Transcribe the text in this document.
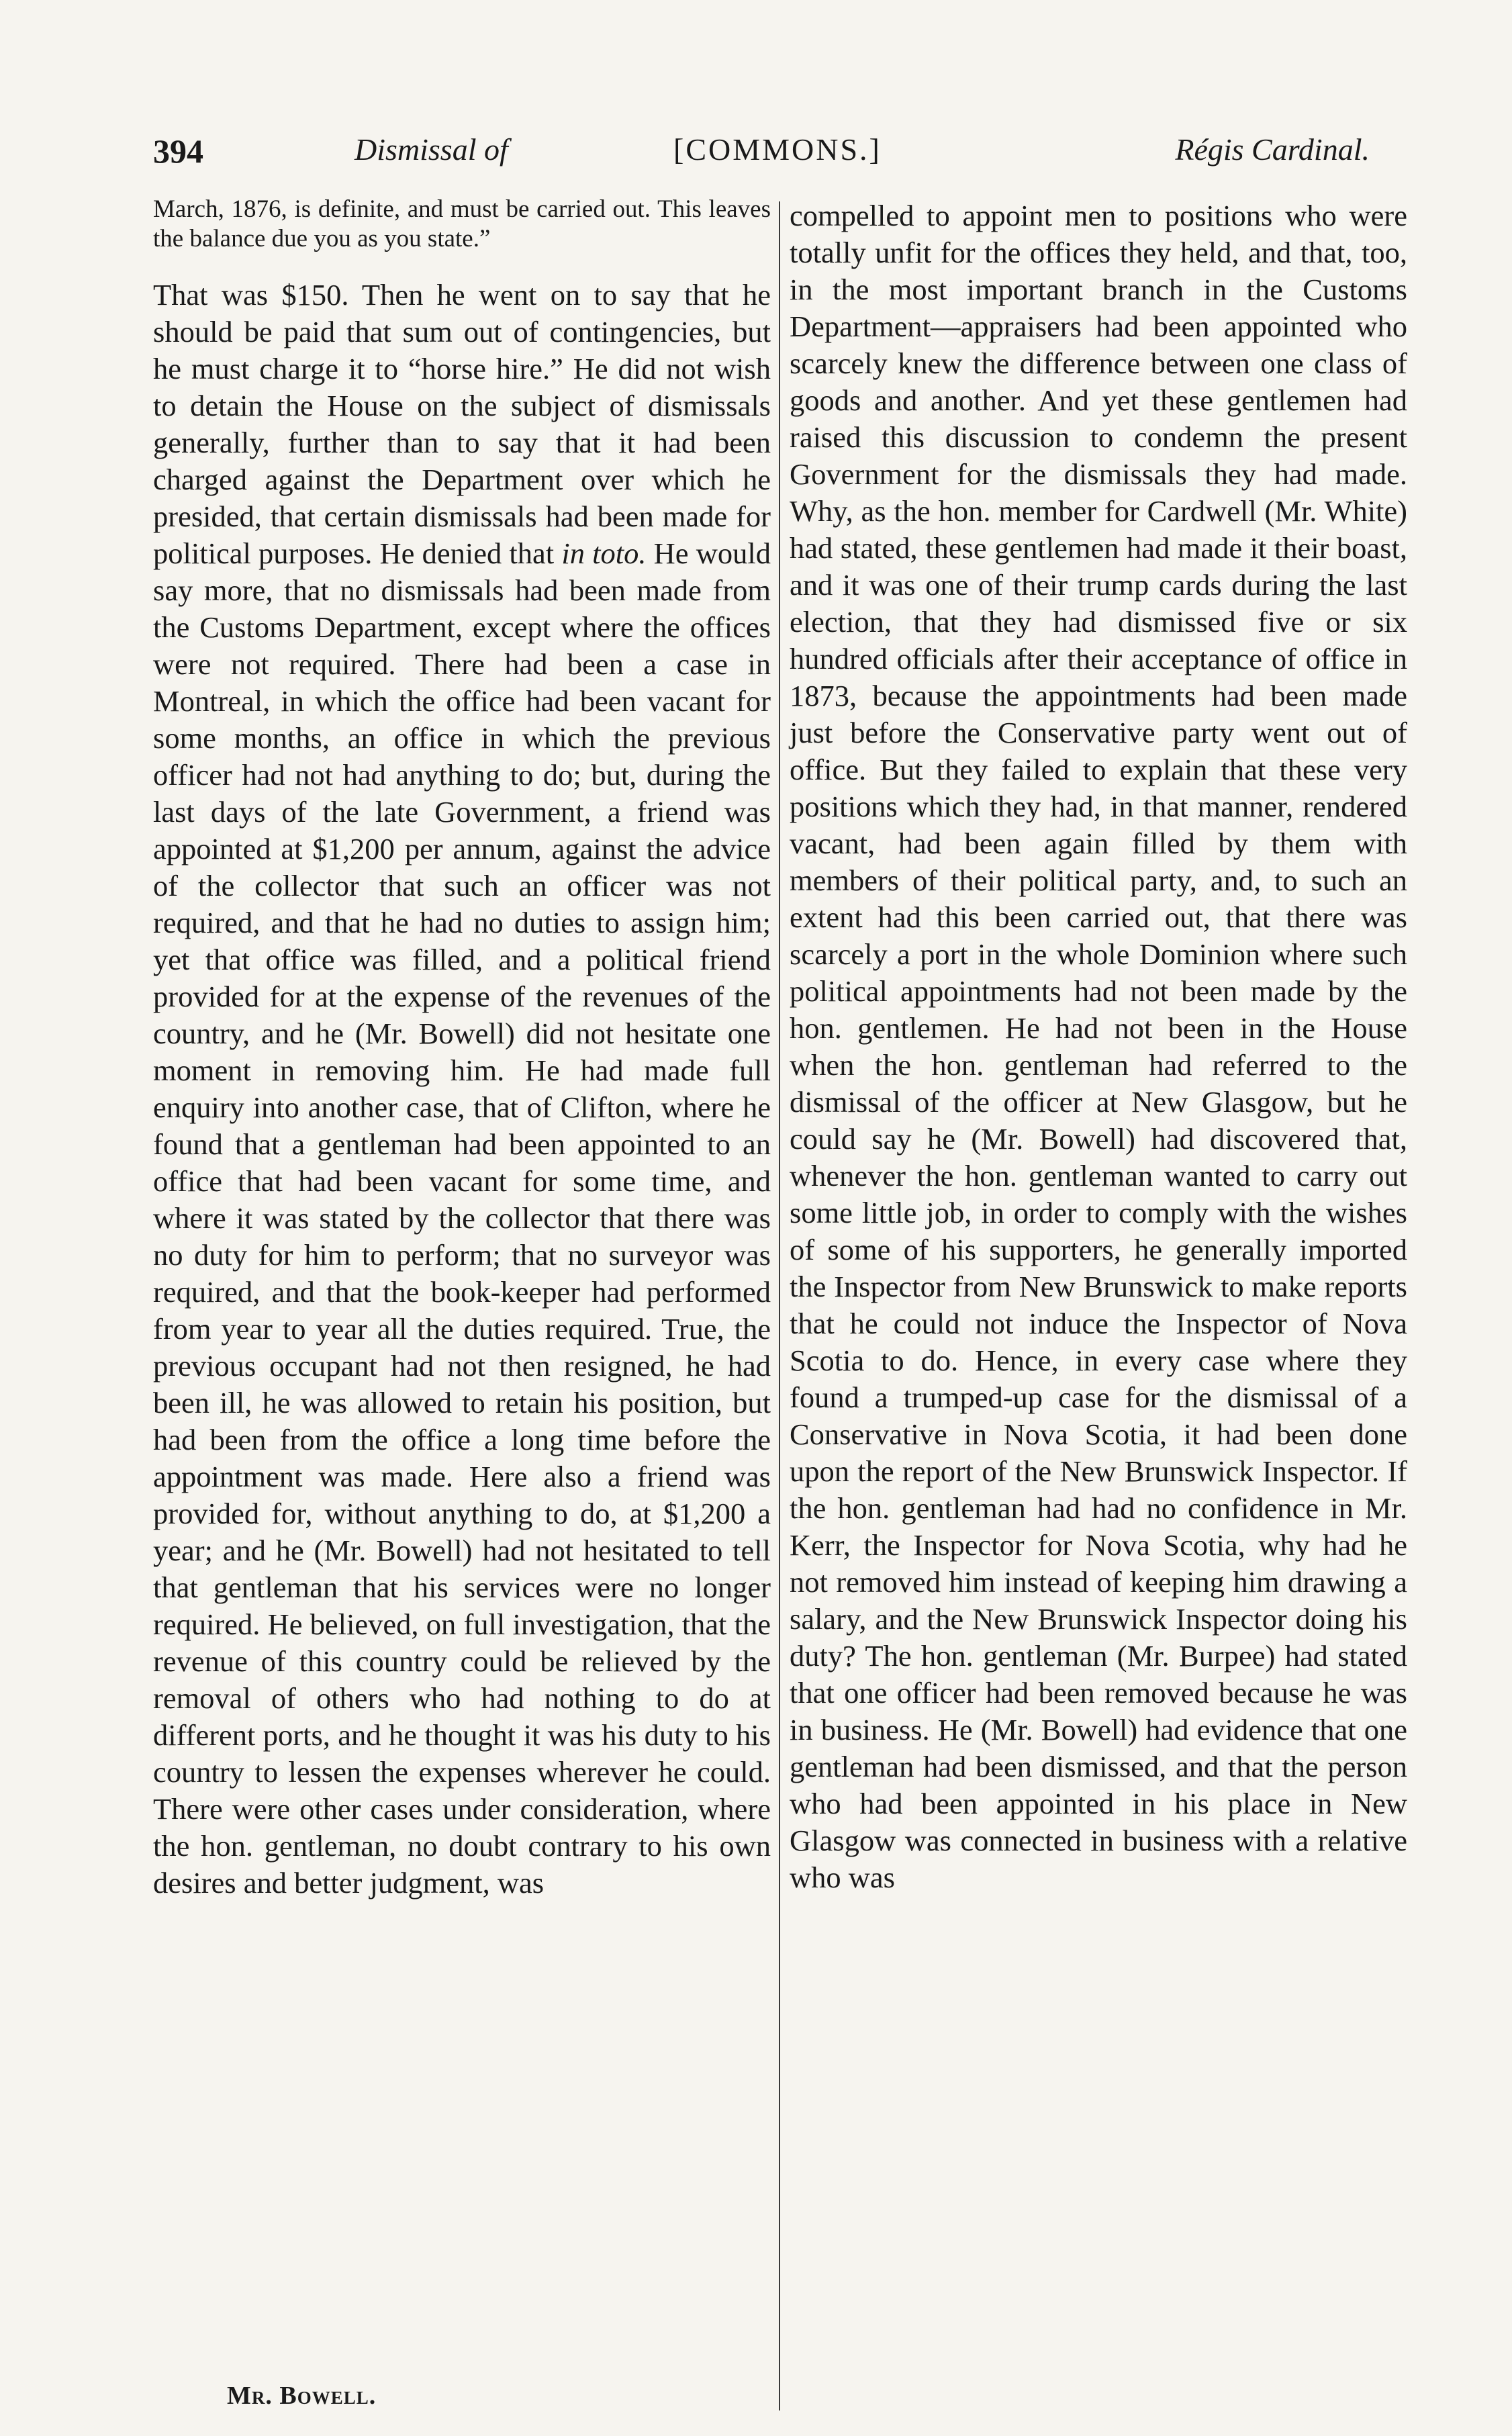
394	Dismissal of	[COMMONS.]	Régis Cardinal.

March, 1876, is definite, and must be carried out. This leaves the balance due you as you state.”

That was $150. Then he went on to say that he should be paid that sum out of contingencies, but he must charge it to “horse hire.” He did not wish to detain the House on the subject of dismissals generally, further than to say that it had been charged against the Department over which he presided, that certain dismissals had been made for political purposes. He denied that in toto. He would say more, that no dismissals had been made from the Customs Department, except where the offices were not required. There had been a case in Montreal, in which the office had been vacant for some months, an office in which the previous officer had not had anything to do; but, during the last days of the late Government, a friend was appointed at $1,200 per annum, against the advice of the collector that such an officer was not required, and that he had no duties to assign him; yet that office was filled, and a political friend provided for at the expense of the revenues of the country, and he (Mr. Bowell) did not hesitate one moment in removing him. He had made full enquiry into another case, that of Clifton, where he found that a gentleman had been appointed to an office that had been vacant for some time, and where it was stated by the collector that there was no duty for him to perform; that no surveyor was required, and that the book-keeper had performed from year to year all the duties required. True, the previous occupant had not then resigned, he had been ill, he was allowed to retain his position, but had been from the office a long time before the appointment was made. Here also a friend was provided for, without anything to do, at $1,200 a year; and he (Mr. Bowell) had not hesitated to tell that gentleman that his services were no longer required. He believed, on full investigation, that the revenue of this country could be relieved by the removal of others who had nothing to do at different ports, and he thought it was his duty to his country to lessen the expenses wherever he could. There were other cases under consideration, where the hon. gentleman, no doubt contrary to his own desires and better judgment, was

compelled to appoint men to positions who were totally unfit for the offices they held, and that, too, in the most important branch in the Customs Department—appraisers had been appointed who scarcely knew the difference between one class of goods and another. And yet these gentlemen had raised this discussion to condemn the present Government for the dismissals they had made. Why, as the hon. member for Cardwell (Mr. White) had stated, these gentlemen had made it their boast, and it was one of their trump cards during the last election, that they had dismissed five or six hundred officials after their acceptance of office in 1873, because the appointments had been made just before the Conservative party went out of office. But they failed to explain that these very positions which they had, in that manner, rendered vacant, had been again filled by them with members of their political party, and, to such an extent had this been carried out, that there was scarcely a port in the whole Dominion where such political appointments had not been made by the hon. gentlemen. He had not been in the House when the hon. gentleman had referred to the dismissal of the officer at New Glasgow, but he could say he (Mr. Bowell) had discovered that, whenever the hon. gentleman wanted to carry out some little job, in order to comply with the wishes of some of his supporters, he generally imported the Inspector from New Brunswick to make reports that he could not induce the Inspector of Nova Scotia to do. Hence, in every case where they found a trumped-up case for the dismissal of a Conservative in Nova Scotia, it had been done upon the report of the New Brunswick Inspector. If the hon. gentleman had had no confidence in Mr. Kerr, the Inspector for Nova Scotia, why had he not removed him instead of keeping him drawing a salary, and the New Brunswick Inspector doing his duty? The hon. gentleman (Mr. Burpee) had stated that one officer had been removed because he was in business. He (Mr. Bowell) had evidence that one gentleman had been dismissed, and that the person who had been appointed in his place in New Glasgow was connected in business with a relative who was

Mr. Bowell.
